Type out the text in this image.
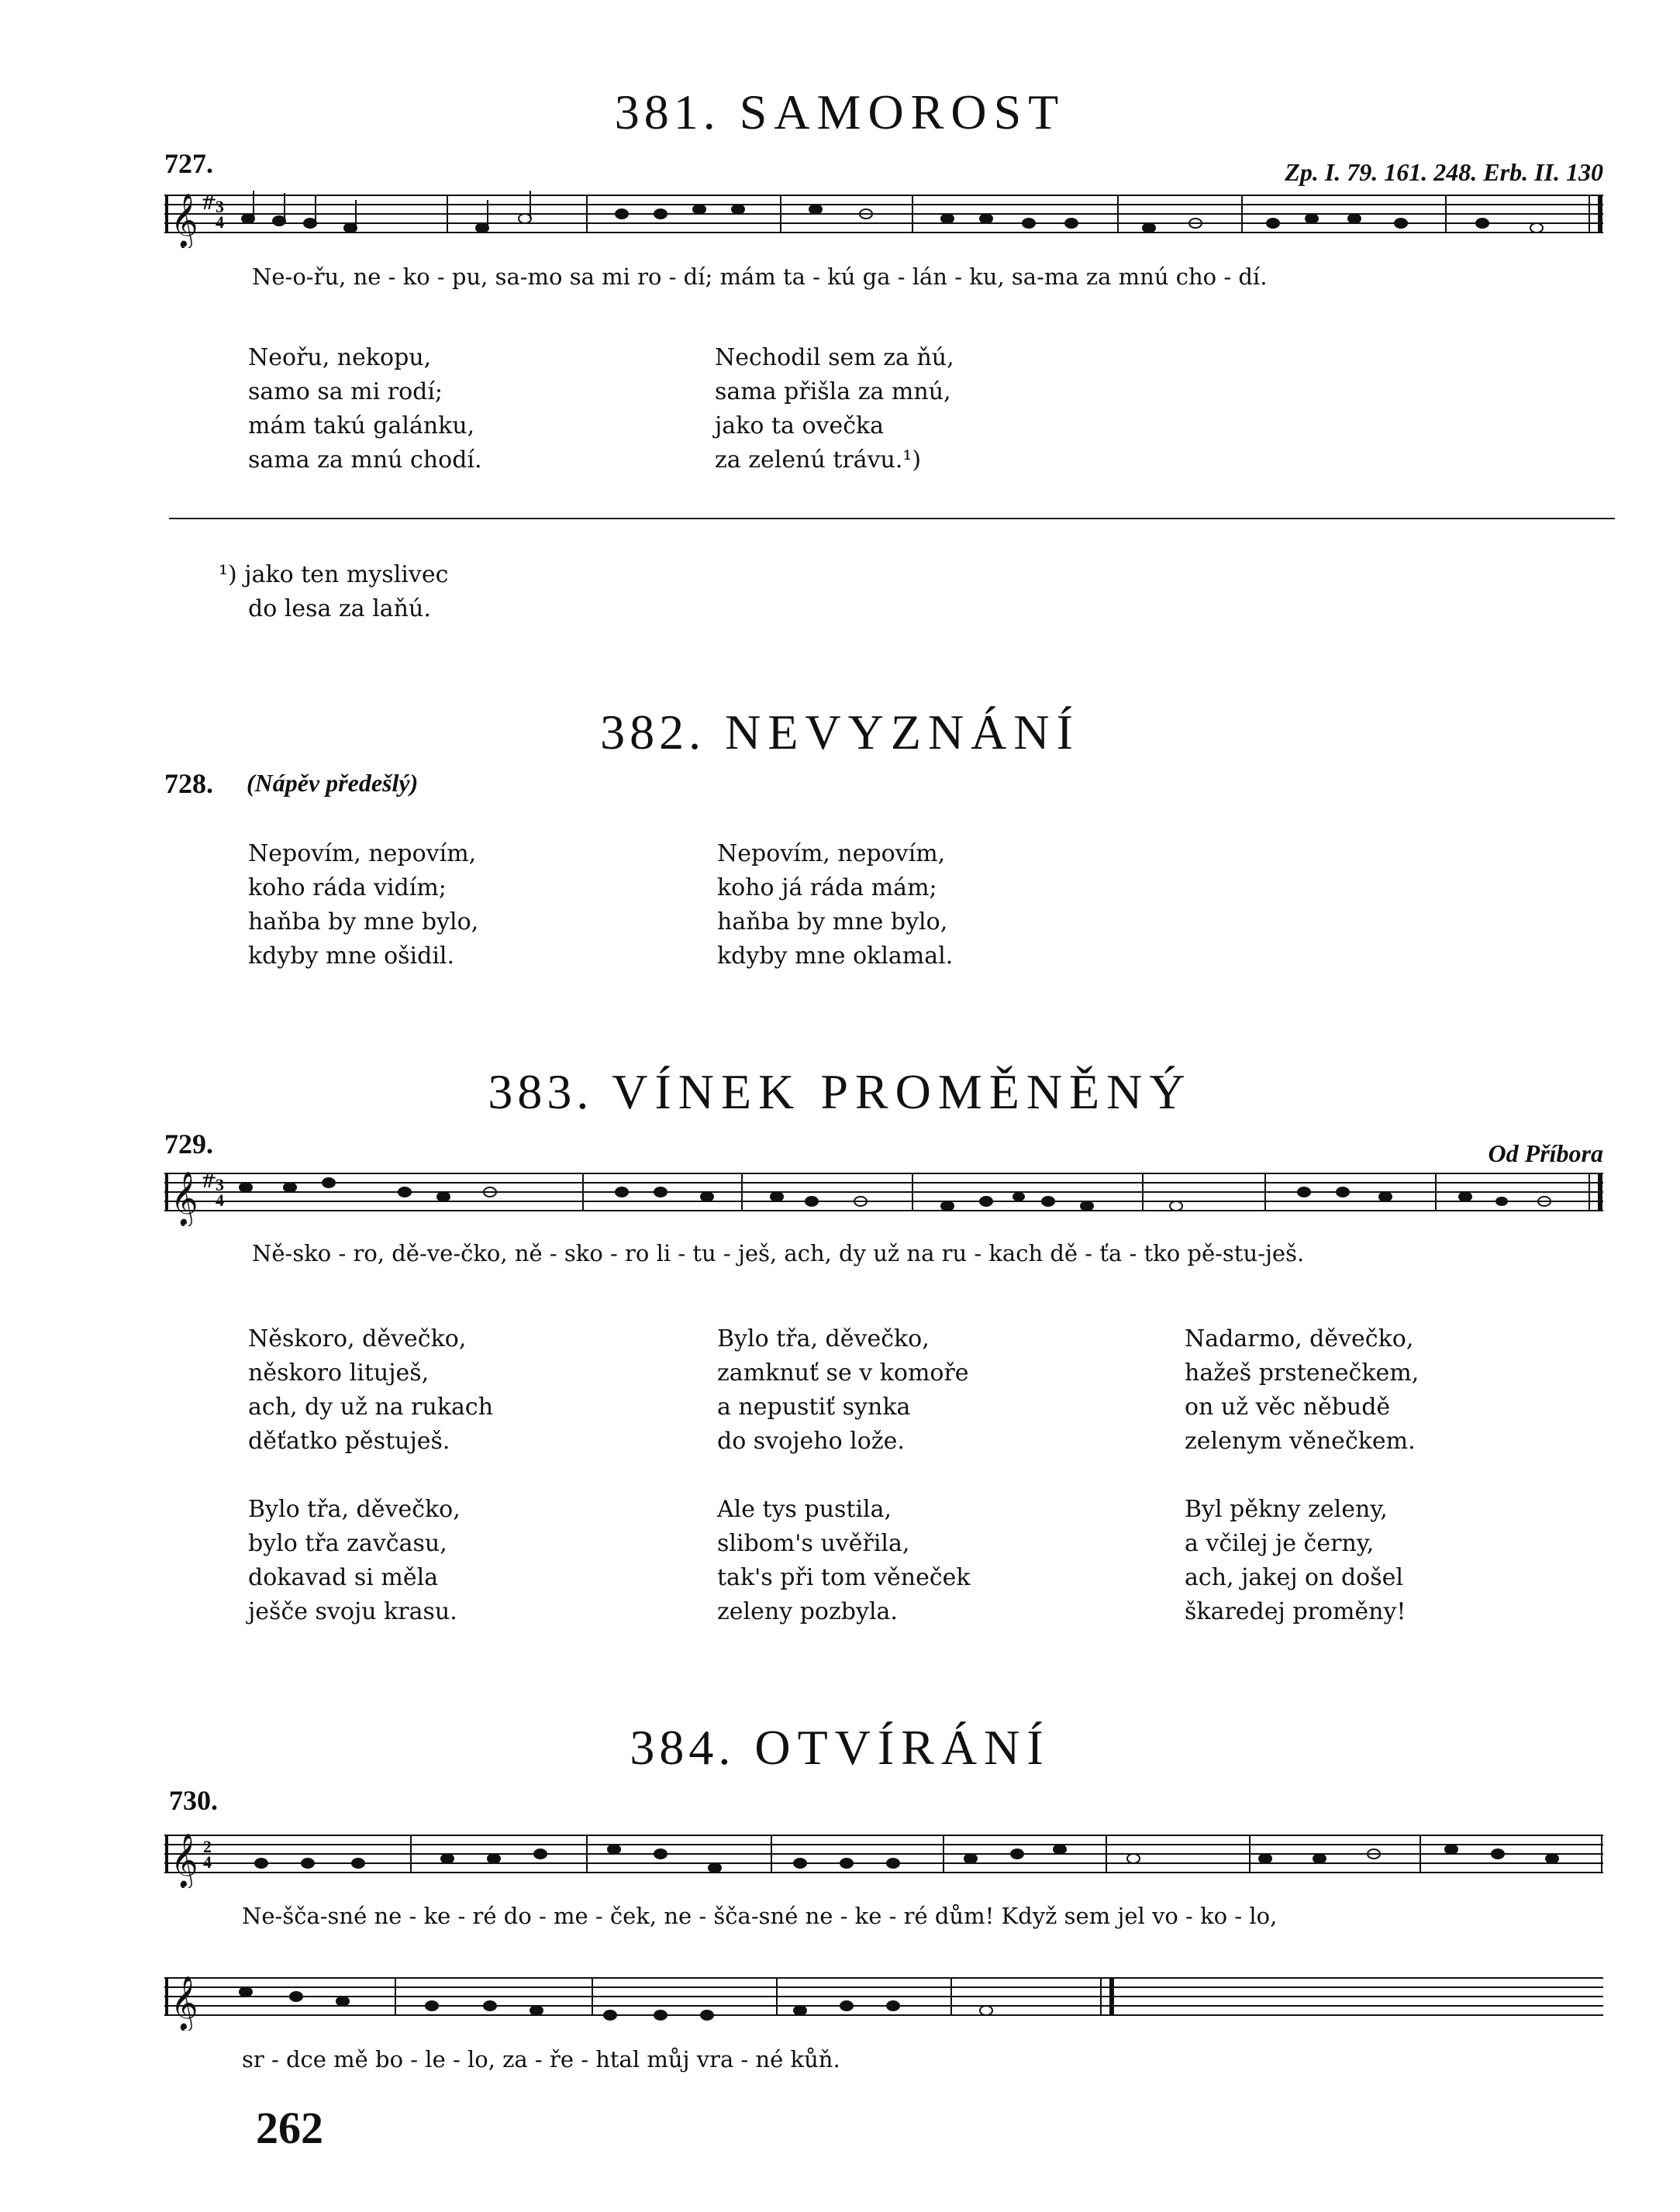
381. SAMOROST
727.	Zp. I. 79. 161. 248. Erb. II. 130
𝄞 #
3
4
Ne-o-řu, ne - ko - pu, sa-mo sa mi ro - dí; mám ta - kú ga - lán - ku, sa-ma za mnú cho - dí.
Neořu, nekopu,
samo sa mi rodí;
mám takú galánku,
sama za mnú chodí.
Nechodil sem za ňú,
sama přišla za mnú,
jako ta ovečka
za zelenú trávu.¹)
¹) jako ten myslivec
do lesa za laňú.
382. NEVYZNÁNÍ
728. (Nápěv předešlý)
Nepovím, nepovím,
koho ráda vidím;
haňba by mne bylo,
kdyby mne ošidil.
Nepovím, nepovím,
koho já ráda mám;
haňba by mne bylo,
kdyby mne oklamal.
383. VÍNEK PROMĚNĚNÝ
729.	Od Příbora
𝄞 #
3
4
Ně-sko - ro, dě-ve-čko, ně - sko - ro li - tu - ješ, ach, dy už na ru - kach dě - ťa - tko pě-stu-ješ.
Něskoro, děvečko,
něskoro lituješ,
ach, dy už na rukach
děťatko pěstuješ.
Bylo třa, děvečko,
zamknuť se v komoře
a nepustiť synka
do svojeho lože.
Nadarmo, děvečko,
hažeš prstenečkem,
on už věc něbudě
zelenym věnečkem.
Bylo třa, děvečko,
bylo třa zavčasu,
dokavad si měla
ješče svoju krasu.
Ale tys pustila,
slibom's uvěřila,
tak's při tom věneček
zeleny pozbyla.
Byl pěkny zeleny,
a včilej je černy,
ach, jakej on došel
škaredej proměny!
384. OTVÍRÁNÍ
730.
𝄞 2
4
Ne-šča-sné ne - ke - ré do - me - ček, ne - šča-sné ne - ke - ré dům! Když sem jel vo - ko - lo,
𝄞
sr - dce mě bo - le - lo, za - ře - htal můj vra - né kůň.
262
